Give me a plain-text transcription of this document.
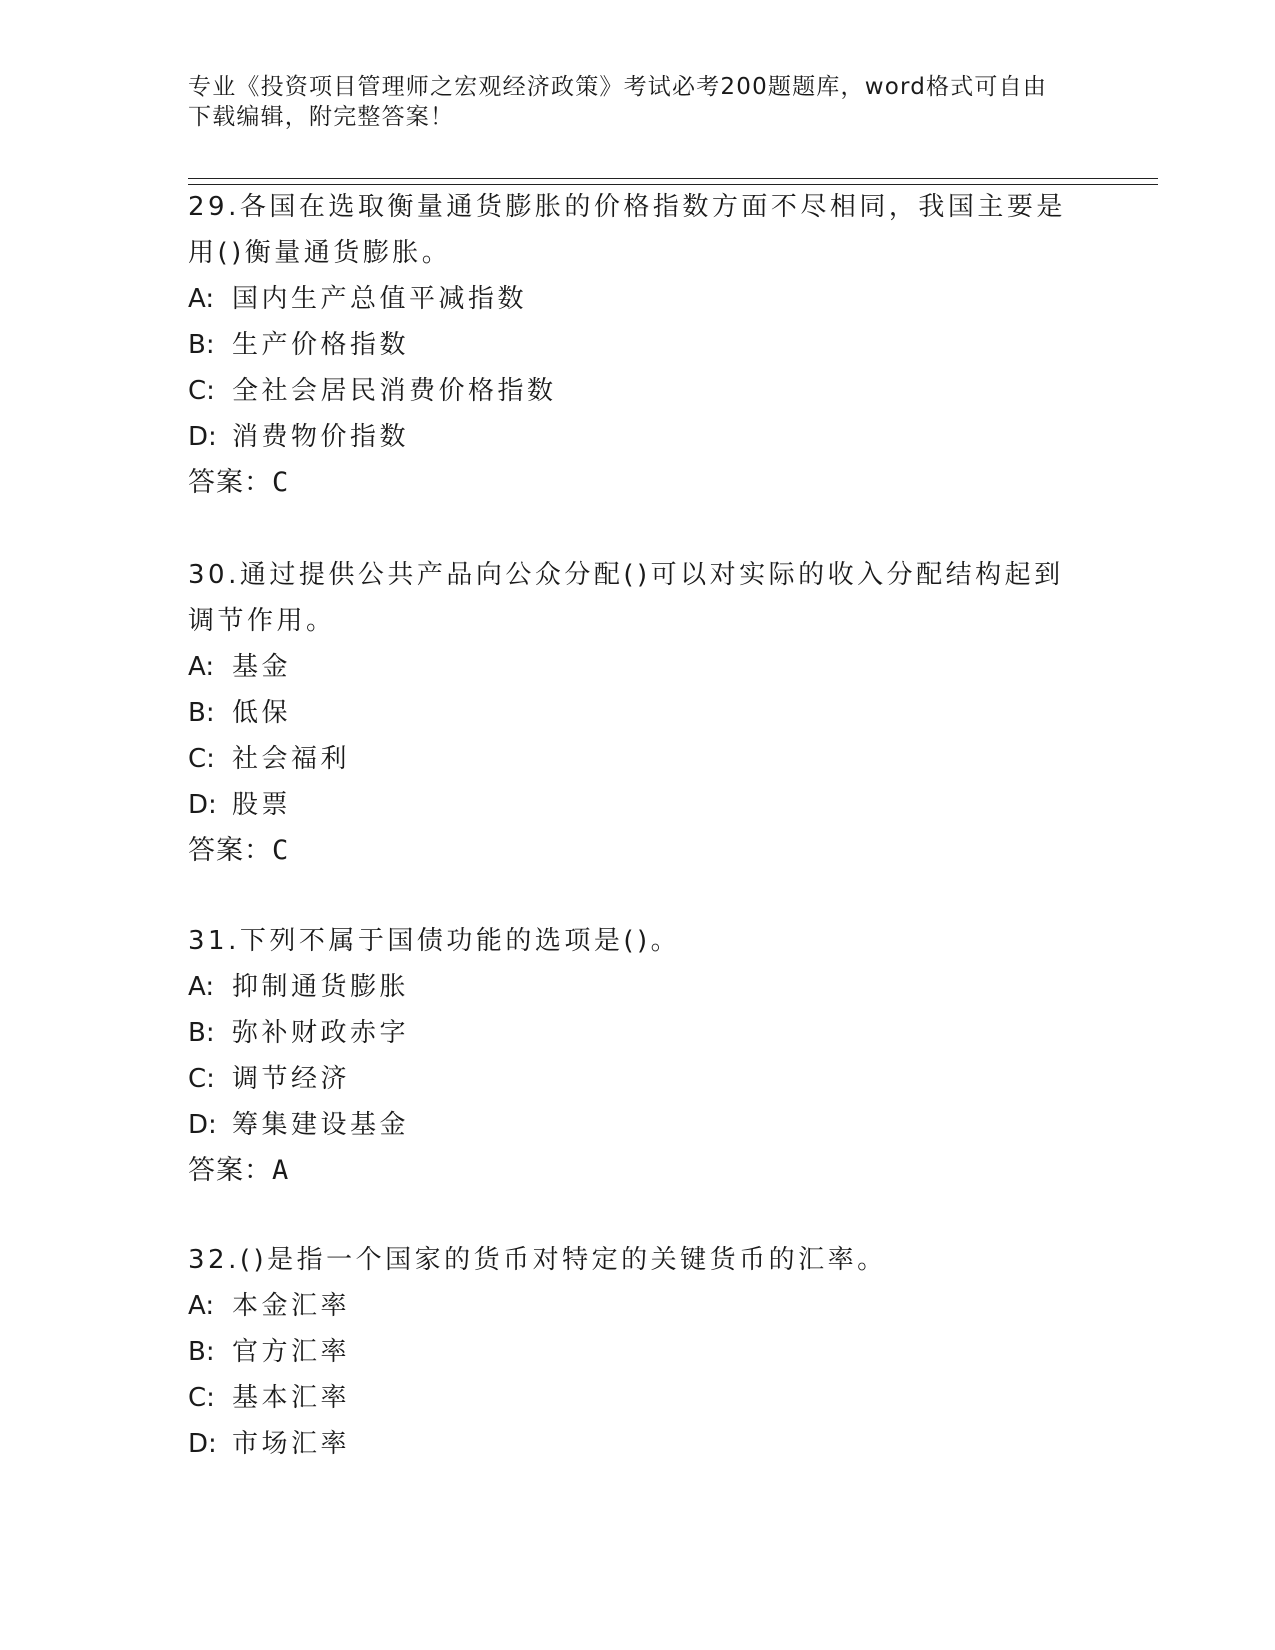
专业《投资项目管理师之宏观经济政策》考试必考200题题库，word格式可自由下载编辑，附完整答案！

29.各国在选取衡量通货膨胀的价格指数方面不尽相同，我国主要是用()衡量通货膨胀。

A: 国内生产总值平减指数

B: 生产价格指数

C: 全社会居民消费价格指数

D: 消费物价指数

答案：C

30.通过提供公共产品向公众分配()可以对实际的收入分配结构起到调节作用。

A: 基金

B: 低保

C: 社会福利

D: 股票

答案：C

31.下列不属于国债功能的选项是()。

A: 抑制通货膨胀

B: 弥补财政赤字

C: 调节经济

D: 筹集建设基金

答案：A

32.()是指一个国家的货币对特定的关键货币的汇率。

A: 本金汇率

B: 官方汇率

C: 基本汇率

D: 市场汇率
